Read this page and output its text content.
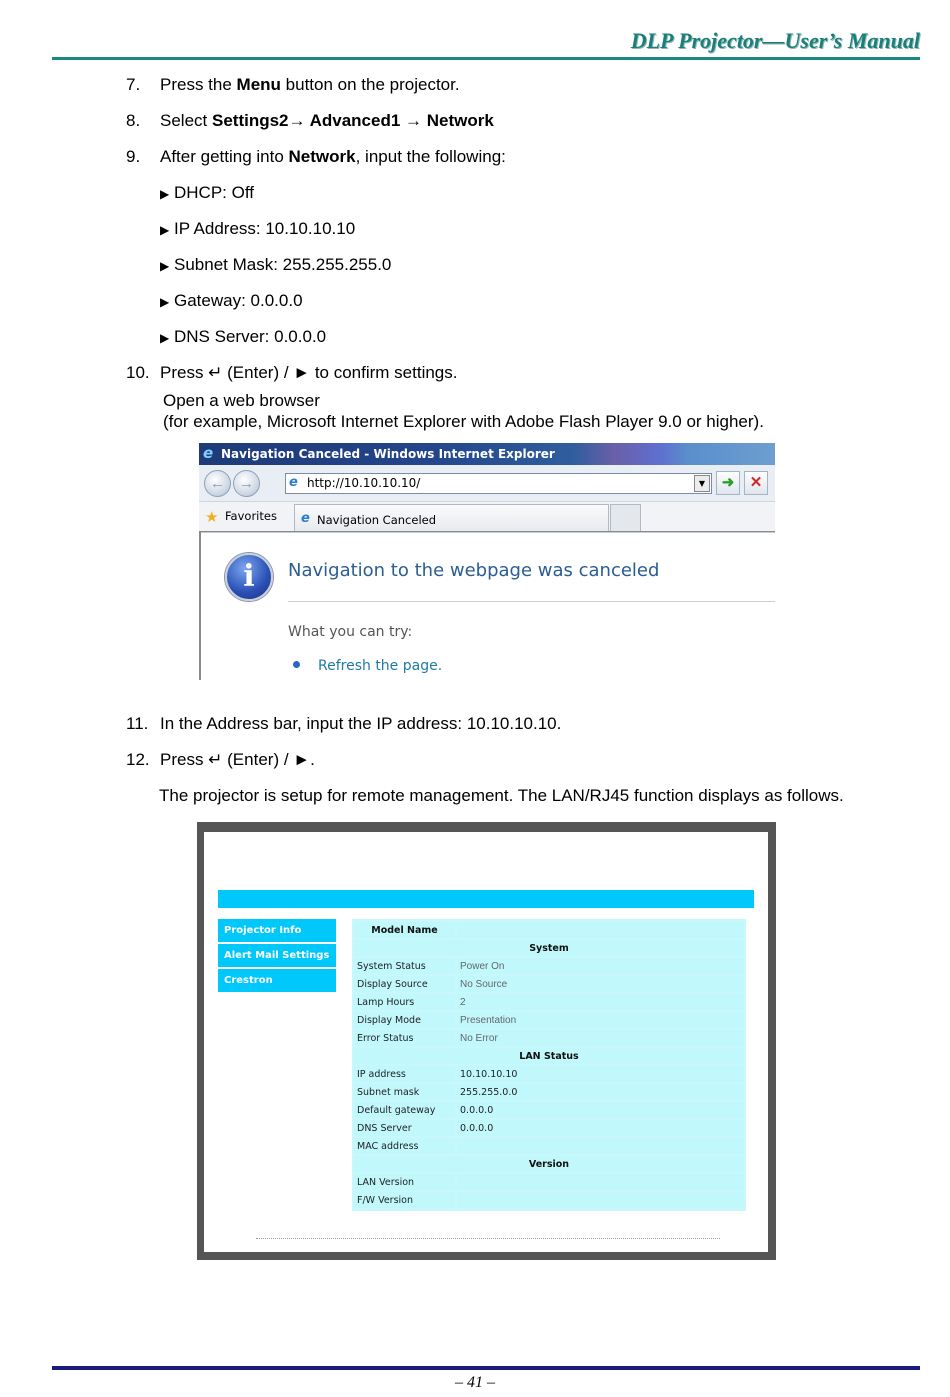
DLP Projector—User’s Manual
7. Press the Menu button on the projector.
8. Select Settings2→ Advanced1 → Network
9. After getting into Network, input the following:
▶ DHCP: Off
▶ IP Address: 10.10.10.10
▶ Subnet Mask: 255.255.255.0
▶ Gateway: 0.0.0.0
▶ DNS Server: 0.0.0.0
10. Press ↵ (Enter) / ► to confirm settings.
Open a web browser
(for example, Microsoft Internet Explorer with Adobe Flash Player 9.0 or higher).
e Navigation Canceled - Windows Internet Explorer
← →	e http://10.10.10.10/	▼	➜	✕
★ Favorites e Navigation Canceled
i	Navigation to the webpage was canceled
What you can try:
Refresh the page.
11. In the Address bar, input the IP address: 10.10.10.10.
12. Press ↵ (Enter) / ►.
The projector is setup for remote management. The LAN/RJ45 function displays as follows.
Projector Info
Alert Mail Settings
Crestron
Model Name	
System	
System Status	Power On
Display Source	No Source
Lamp Hours	2
Display Mode	Presentation
Error Status	No Error
LAN Status	
IP address	10.10.10.10
Subnet mask	255.255.0.0
Default gateway	0.0.0.0
DNS Server	0.0.0.0
MAC address	
Version	
LAN Version	
F/W Version	
– 41 –
